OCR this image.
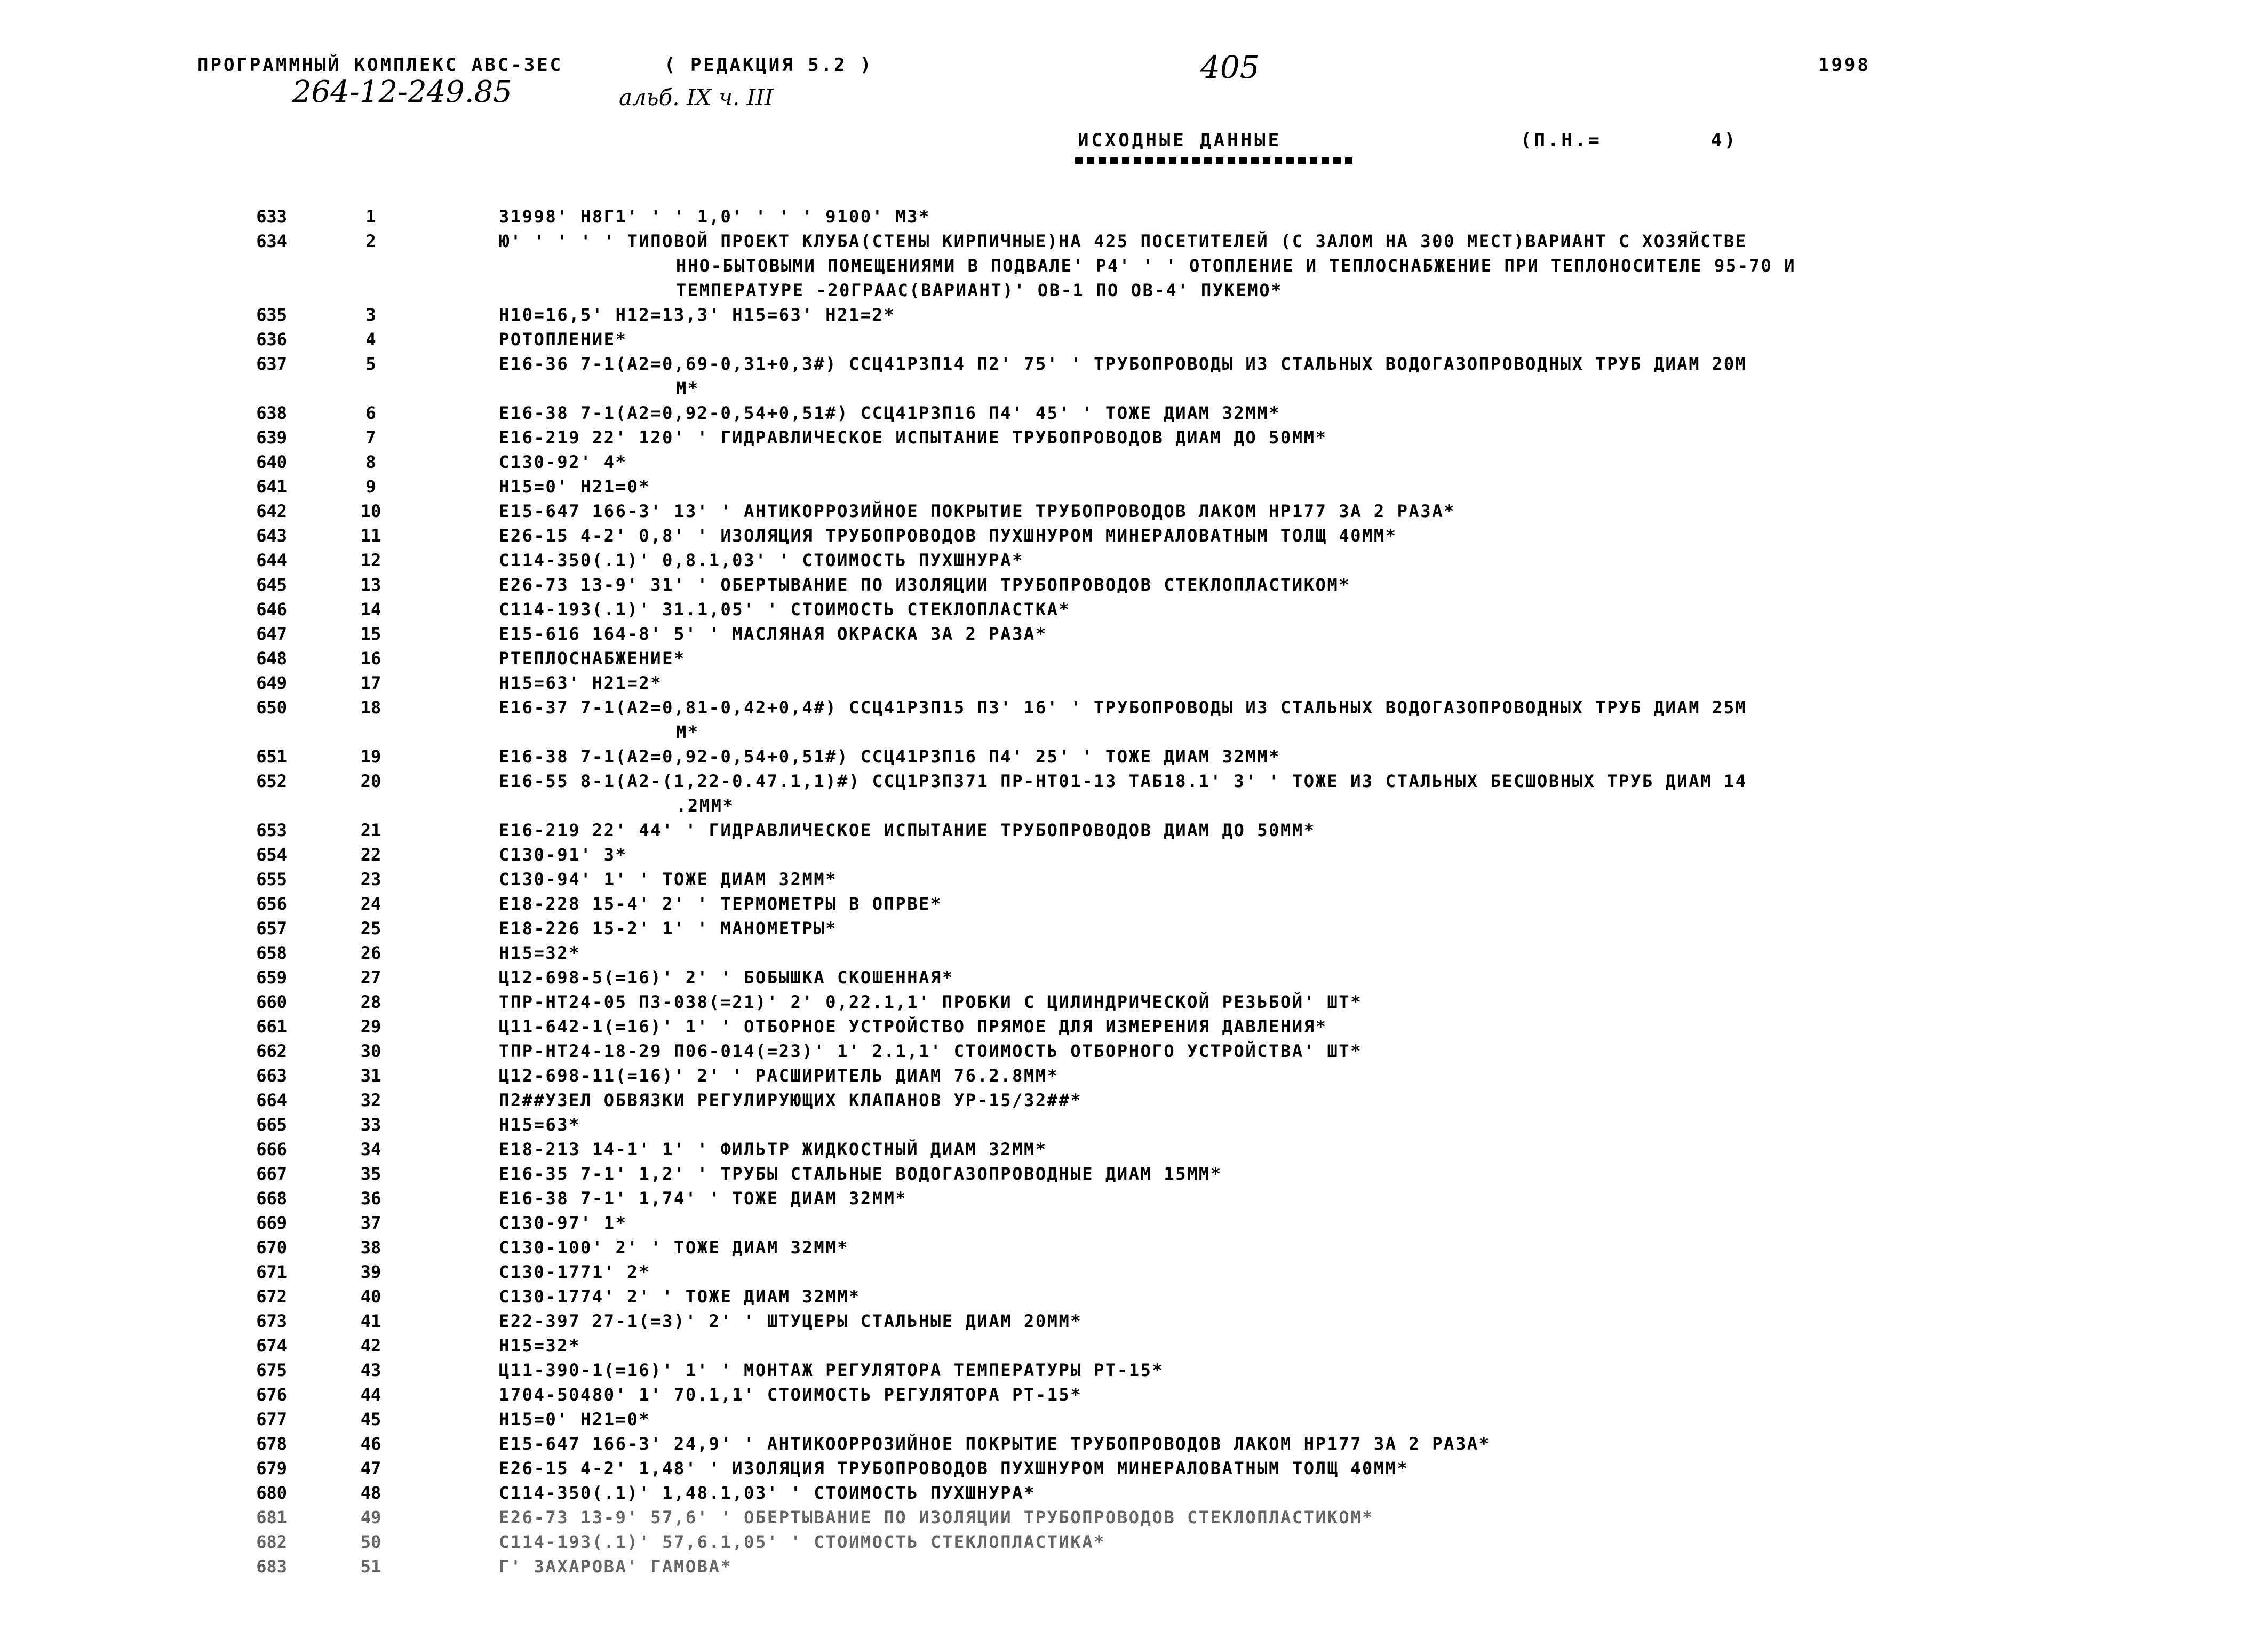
ПРОГРАММНЫЙ КОМПЛЕКС АВС-3ЕС	( РЕДАКЦИЯ 5.2 )	405	1998
264-12-249.85	альб. IX ч. III
ИСХОДНЫЕ ДАННЫЕ	(П.Н.=        4)
633	1	31998' Н8Г1' ' ' 1,0' ' ' ' 9100' МЗ*
634	2	Ю' ' ' ' ' ТИПОВОЙ ПРОЕКТ КЛУБА(СТЕНЫ КИРПИЧНЫЕ)НА 425 ПОСЕТИТЕЛЕЙ (С ЗАЛОМ НА 300 МЕСТ)ВАРИАНТ С ХОЗЯЙСТВЕ
ННО-БЫТОВЫМИ ПОМЕЩЕНИЯМИ В ПОДВАЛЕ' Р4' ' ' ОТОПЛЕНИЕ И ТЕПЛОСНАБЖЕНИЕ ПРИ ТЕПЛОНОСИТЕЛЕ 95-70 И
ТЕМПЕРАТУРЕ -20ГРААС(ВАРИАНТ)' ОВ-1 ПО ОВ-4' ПУКЕМО*
635	3	Н10=16,5' Н12=13,3' Н15=63' Н21=2*
636	4	РОТОПЛЕНИЕ*
637	5	Е16-36 7-1(А2=0,69-0,31+0,3#) ССЦ41Р3П14 П2' 75' ' ТРУБОПРОВОДЫ ИЗ СТАЛЬНЫХ ВОДОГАЗОПРОВОДНЫХ ТРУБ ДИАМ 20М
М*
638	6	Е16-38 7-1(А2=0,92-0,54+0,51#) ССЦ41Р3П16 П4' 45' ' ТОЖЕ ДИАМ 32ММ*
639	7	Е16-219 22' 120' ' ГИДРАВЛИЧЕСКОЕ ИСПЫТАНИЕ ТРУБОПРОВОДОВ ДИАМ ДО 50ММ*
640	8	С130-92' 4*
641	9	Н15=0' Н21=0*
642	10	Е15-647 166-3' 13' ' АНТИКОРРОЗИЙНОЕ ПОКРЫТИЕ ТРУБОПРОВОДОВ ЛАКОМ НР177 ЗА 2 РАЗА*
643	11	Е26-15 4-2' 0,8' ' ИЗОЛЯЦИЯ ТРУБОПРОВОДОВ ПУХШНУРОМ МИНЕРАЛОВАТНЫМ ТОЛЩ 40ММ*
644	12	С114-350(.1)' 0,8.1,03' ' СТОИМОСТЬ ПУХШНУРА*
645	13	Е26-73 13-9' 31' ' ОБЕРТЫВАНИЕ ПО ИЗОЛЯЦИИ ТРУБОПРОВОДОВ СТЕКЛОПЛАСТИКОМ*
646	14	С114-193(.1)' 31.1,05' ' СТОИМОСТЬ СТЕКЛОПЛАСТКА*
647	15	Е15-616 164-8' 5' ' МАСЛЯНАЯ ОКРАСКА ЗА 2 РАЗА*
648	16	РТЕПЛОСНАБЖЕНИЕ*
649	17	Н15=63' Н21=2*
650	18	Е16-37 7-1(А2=0,81-0,42+0,4#) ССЦ41Р3П15 П3' 16' ' ТРУБОПРОВОДЫ ИЗ СТАЛЬНЫХ ВОДОГАЗОПРОВОДНЫХ ТРУБ ДИАМ 25М
М*
651	19	Е16-38 7-1(А2=0,92-0,54+0,51#) ССЦ41Р3П16 П4' 25' ' ТОЖЕ ДИАМ 32ММ*
652	20	Е16-55 8-1(А2-(1,22-0.47.1,1)#) ССЦ1Р3П371 ПР-НТ01-13 ТАБ18.1' 3' ' ТОЖЕ ИЗ СТАЛЬНЫХ БЕСШОВНЫХ ТРУБ ДИАМ 14
.2ММ*
653	21	Е16-219 22' 44' ' ГИДРАВЛИЧЕСКОЕ ИСПЫТАНИЕ ТРУБОПРОВОДОВ ДИАМ ДО 50ММ*
654	22	С130-91' 3*
655	23	С130-94' 1' ' ТОЖЕ ДИАМ 32ММ*
656	24	Е18-228 15-4' 2' ' ТЕРМОМЕТРЫ В ОПРВЕ*
657	25	Е18-226 15-2' 1' ' МАНОМЕТРЫ*
658	26	Н15=32*
659	27	Ц12-698-5(=16)' 2' ' БОБЫШКА СКОШЕННАЯ*
660	28	ТПР-НТ24-05 П3-038(=21)' 2' 0,22.1,1' ПРОБКИ С ЦИЛИНДРИЧЕСКОЙ РЕЗЬБОЙ' ШТ*
661	29	Ц11-642-1(=16)' 1' ' ОТБОРНОЕ УСТРОЙСТВО ПРЯМОЕ ДЛЯ ИЗМЕРЕНИЯ ДАВЛЕНИЯ*
662	30	ТПР-НТ24-18-29 П06-014(=23)' 1' 2.1,1' СТОИМОСТЬ ОТБОРНОГО УСТРОЙСТВА' ШТ*
663	31	Ц12-698-11(=16)' 2' ' РАСШИРИТЕЛЬ ДИАМ 76.2.8ММ*
664	32	П2##УЗЕЛ ОБВЯЗКИ РЕГУЛИРУЮЩИХ КЛАПАНОВ УР-15/32##*
665	33	Н15=63*
666	34	Е18-213 14-1' 1' ' ФИЛЬТР ЖИДКОСТНЫЙ ДИАМ 32ММ*
667	35	Е16-35 7-1' 1,2' ' ТРУБЫ СТАЛЬНЫЕ ВОДОГАЗОПРОВОДНЫЕ ДИАМ 15ММ*
668	36	Е16-38 7-1' 1,74' ' ТОЖЕ ДИАМ 32ММ*
669	37	С130-97' 1*
670	38	С130-100' 2' ' ТОЖЕ ДИАМ 32ММ*
671	39	С130-1771' 2*
672	40	С130-1774' 2' ' ТОЖЕ ДИАМ 32ММ*
673	41	Е22-397 27-1(=3)' 2' ' ШТУЦЕРЫ СТАЛЬНЫЕ ДИАМ 20ММ*
674	42	Н15=32*
675	43	Ц11-390-1(=16)' 1' ' МОНТАЖ РЕГУЛЯТОРА ТЕМПЕРАТУРЫ РТ-15*
676	44	1704-50480' 1' 70.1,1' СТОИМОСТЬ РЕГУЛЯТОРА РТ-15*
677	45	Н15=0' Н21=0*
678	46	Е15-647 166-3' 24,9' ' АНТИКООРРОЗИЙНОЕ ПОКРЫТИЕ ТРУБОПРОВОДОВ ЛАКОМ НР177 ЗА 2 РАЗА*
679	47	Е26-15 4-2' 1,48' ' ИЗОЛЯЦИЯ ТРУБОПРОВОДОВ ПУХШНУРОМ МИНЕРАЛОВАТНЫМ ТОЛЩ 40ММ*
680	48	С114-350(.1)' 1,48.1,03' ' СТОИМОСТЬ ПУХШНУРА*
681	49	Е26-73 13-9' 57,6' ' ОБЕРТЫВАНИЕ ПО ИЗОЛЯЦИИ ТРУБОПРОВОДОВ СТЕКЛОПЛАСТИКОМ*
682	50	С114-193(.1)' 57,6.1,05' ' СТОИМОСТЬ СТЕКЛОПЛАСТИКА*
683	51	Г' ЗАХАРОВА' ГАМОВА*
